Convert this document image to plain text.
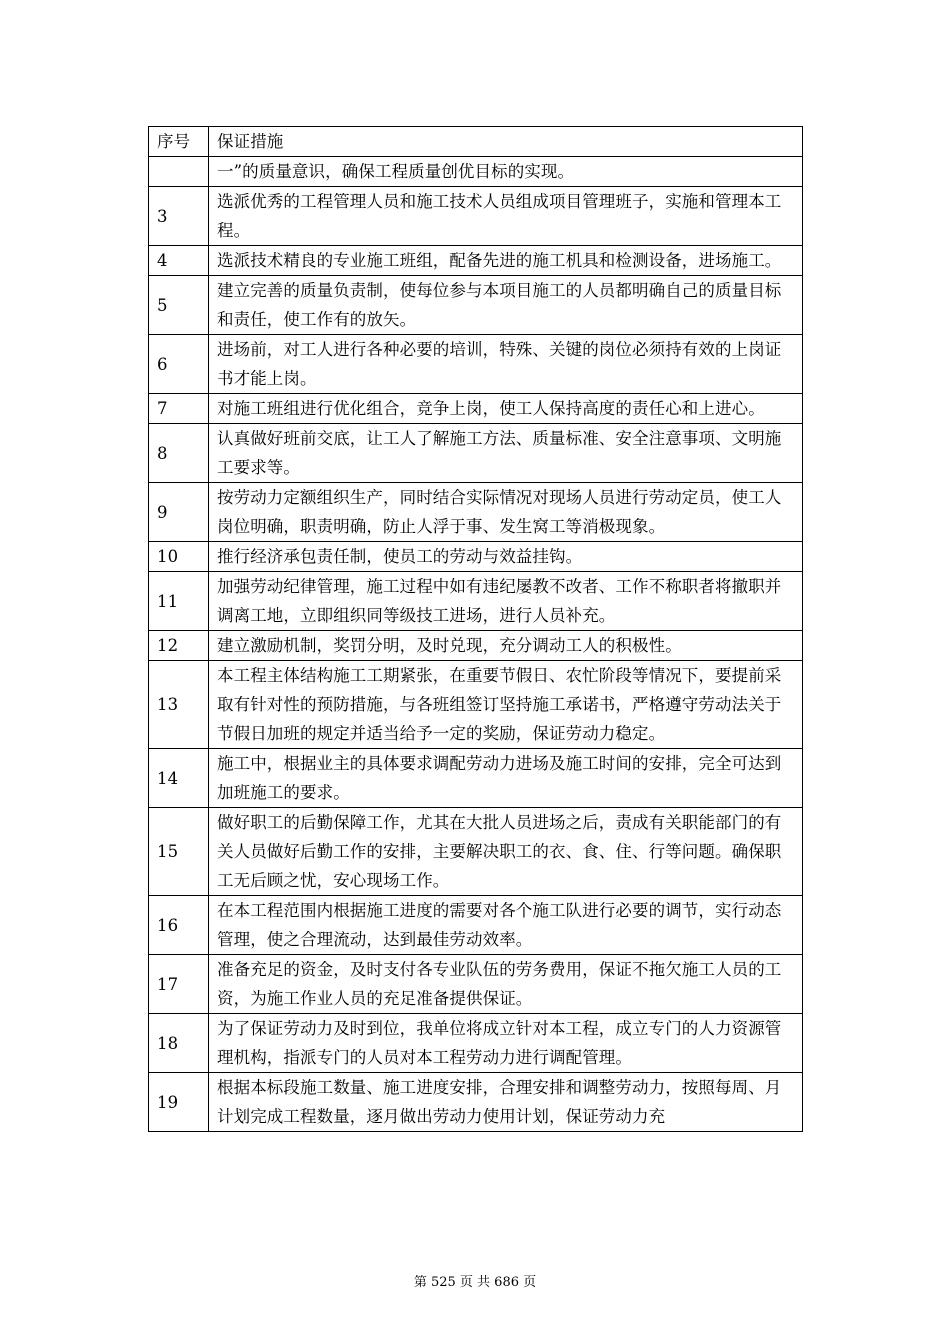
序号	保证措施
	一”的质量意识，确保工程质量创优目标的实现。
3	选派优秀的工程管理人员和施工技术人员组成项目管理班子，实施和管理本工程。
4	选派技术精良的专业施工班组，配备先进的施工机具和检测设备，进场施工。
5	建立完善的质量负责制，使每位参与本项目施工的人员都明确自己的质量目标和责任，使工作有的放矢。
6	进场前，对工人进行各种必要的培训，特殊、关键的岗位必须持有效的上岗证书才能上岗。
7	对施工班组进行优化组合，竞争上岗，使工人保持高度的责任心和上进心。
8	认真做好班前交底，让工人了解施工方法、质量标准、安全注意事项、文明施工要求等。
9	按劳动力定额组织生产，同时结合实际情况对现场人员进行劳动定员，使工人岗位明确，职责明确，防止人浮于事、发生窝工等消极现象。
10	推行经济承包责任制，使员工的劳动与效益挂钩。
11	加强劳动纪律管理，施工过程中如有违纪屡教不改者、工作不称职者将撤职并调离工地，立即组织同等级技工进场，进行人员补充。
12	建立激励机制，奖罚分明，及时兑现，充分调动工人的积极性。
13	本工程主体结构施工工期紧张，在重要节假日、农忙阶段等情况下，要提前采取有针对性的预防措施，与各班组签订坚持施工承诺书，严格遵守劳动法关于节假日加班的规定并适当给予一定的奖励，保证劳动力稳定。
14	施工中，根据业主的具体要求调配劳动力进场及施工时间的安排，完全可达到加班施工的要求。
15	做好职工的后勤保障工作，尤其在大批人员进场之后，责成有关职能部门的有关人员做好后勤工作的安排，主要解决职工的衣、食、住、行等问题。确保职工无后顾之忧，安心现场工作。
16	在本工程范围内根据施工进度的需要对各个施工队进行必要的调节，实行动态管理，使之合理流动，达到最佳劳动效率。
17	准备充足的资金，及时支付各专业队伍的劳务费用，保证不拖欠施工人员的工资，为施工作业人员的充足准备提供保证。
18	为了保证劳动力及时到位，我单位将成立针对本工程，成立专门的人力资源管理机构，指派专门的人员对本工程劳动力进行调配管理。
19	根据本标段施工数量、施工进度安排，合理安排和调整劳动力，按照每周、月计划完成工程数量，逐月做出劳动力使用计划，保证劳动力充
第 525 页 共 686 页
